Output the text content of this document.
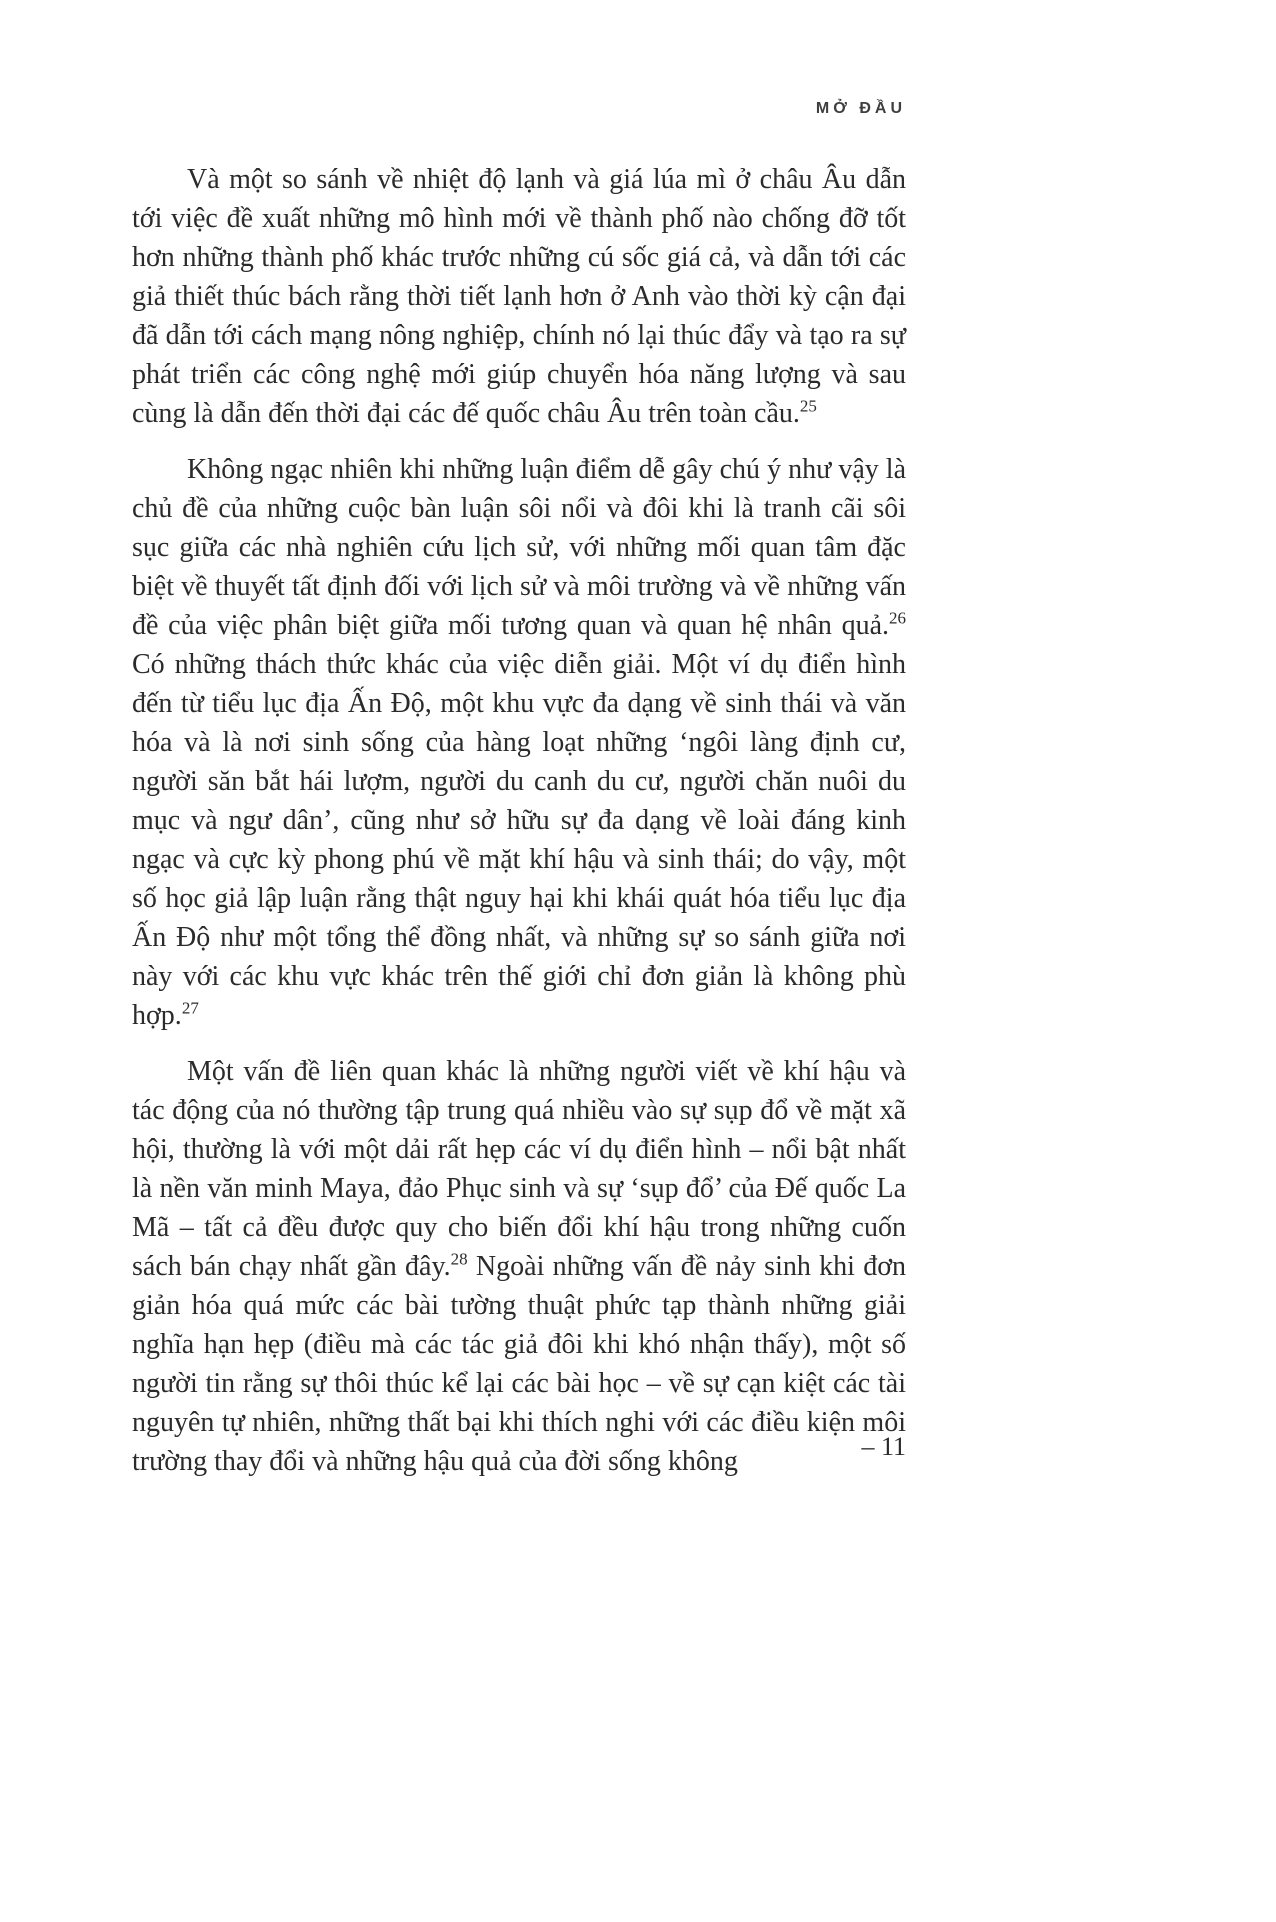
MỞ ĐẦU

Và một so sánh về nhiệt độ lạnh và giá lúa mì ở châu Âu dẫn tới việc đề xuất những mô hình mới về thành phố nào chống đỡ tốt hơn những thành phố khác trước những cú sốc giá cả, và dẫn tới các giả thiết thúc bách rằng thời tiết lạnh hơn ở Anh vào thời kỳ cận đại đã dẫn tới cách mạng nông nghiệp, chính nó lại thúc đẩy và tạo ra sự phát triển các công nghệ mới giúp chuyển hóa năng lượng và sau cùng là dẫn đến thời đại các đế quốc châu Âu trên toàn cầu.$^{25}$

Không ngạc nhiên khi những luận điểm dễ gây chú ý như vậy là chủ đề của những cuộc bàn luận sôi nổi và đôi khi là tranh cãi sôi sục giữa các nhà nghiên cứu lịch sử, với những mối quan tâm đặc biệt về thuyết tất định đối với lịch sử và môi trường và về những vấn đề của việc phân biệt giữa mối tương quan và quan hệ nhân quả.$^{26}$ Có những thách thức khác của việc diễn giải. Một ví dụ điển hình đến từ tiểu lục địa Ấn Độ, một khu vực đa dạng về sinh thái và văn hóa và là nơi sinh sống của hàng loạt những ‘ngôi làng định cư, người săn bắt hái lượm, người du canh du cư, người chăn nuôi du mục và ngư dân’, cũng như sở hữu sự đa dạng về loài đáng kinh ngạc và cực kỳ phong phú về mặt khí hậu và sinh thái; do vậy, một số học giả lập luận rằng thật nguy hại khi khái quát hóa tiểu lục địa Ấn Độ như một tổng thể đồng nhất, và những sự so sánh giữa nơi này với các khu vực khác trên thế giới chỉ đơn giản là không phù hợp.$^{27}$

Một vấn đề liên quan khác là những người viết về khí hậu và tác động của nó thường tập trung quá nhiều vào sự sụp đổ về mặt xã hội, thường là với một dải rất hẹp các ví dụ điển hình – nổi bật nhất là nền văn minh Maya, đảo Phục sinh và sự ‘sụp đổ’ của Đế quốc La Mã – tất cả đều được quy cho biến đổi khí hậu trong những cuốn sách bán chạy nhất gần đây.$^{28}$ Ngoài những vấn đề nảy sinh khi đơn giản hóa quá mức các bài tường thuật phức tạp thành những giải nghĩa hạn hẹp (điều mà các tác giả đôi khi khó nhận thấy), một số người tin rằng sự thôi thúc kể lại các bài học – về sự cạn kiệt các tài nguyên tự nhiên, những thất bại khi thích nghi với các điều kiện môi trường thay đổi và những hậu quả của đời sống không	– 11
